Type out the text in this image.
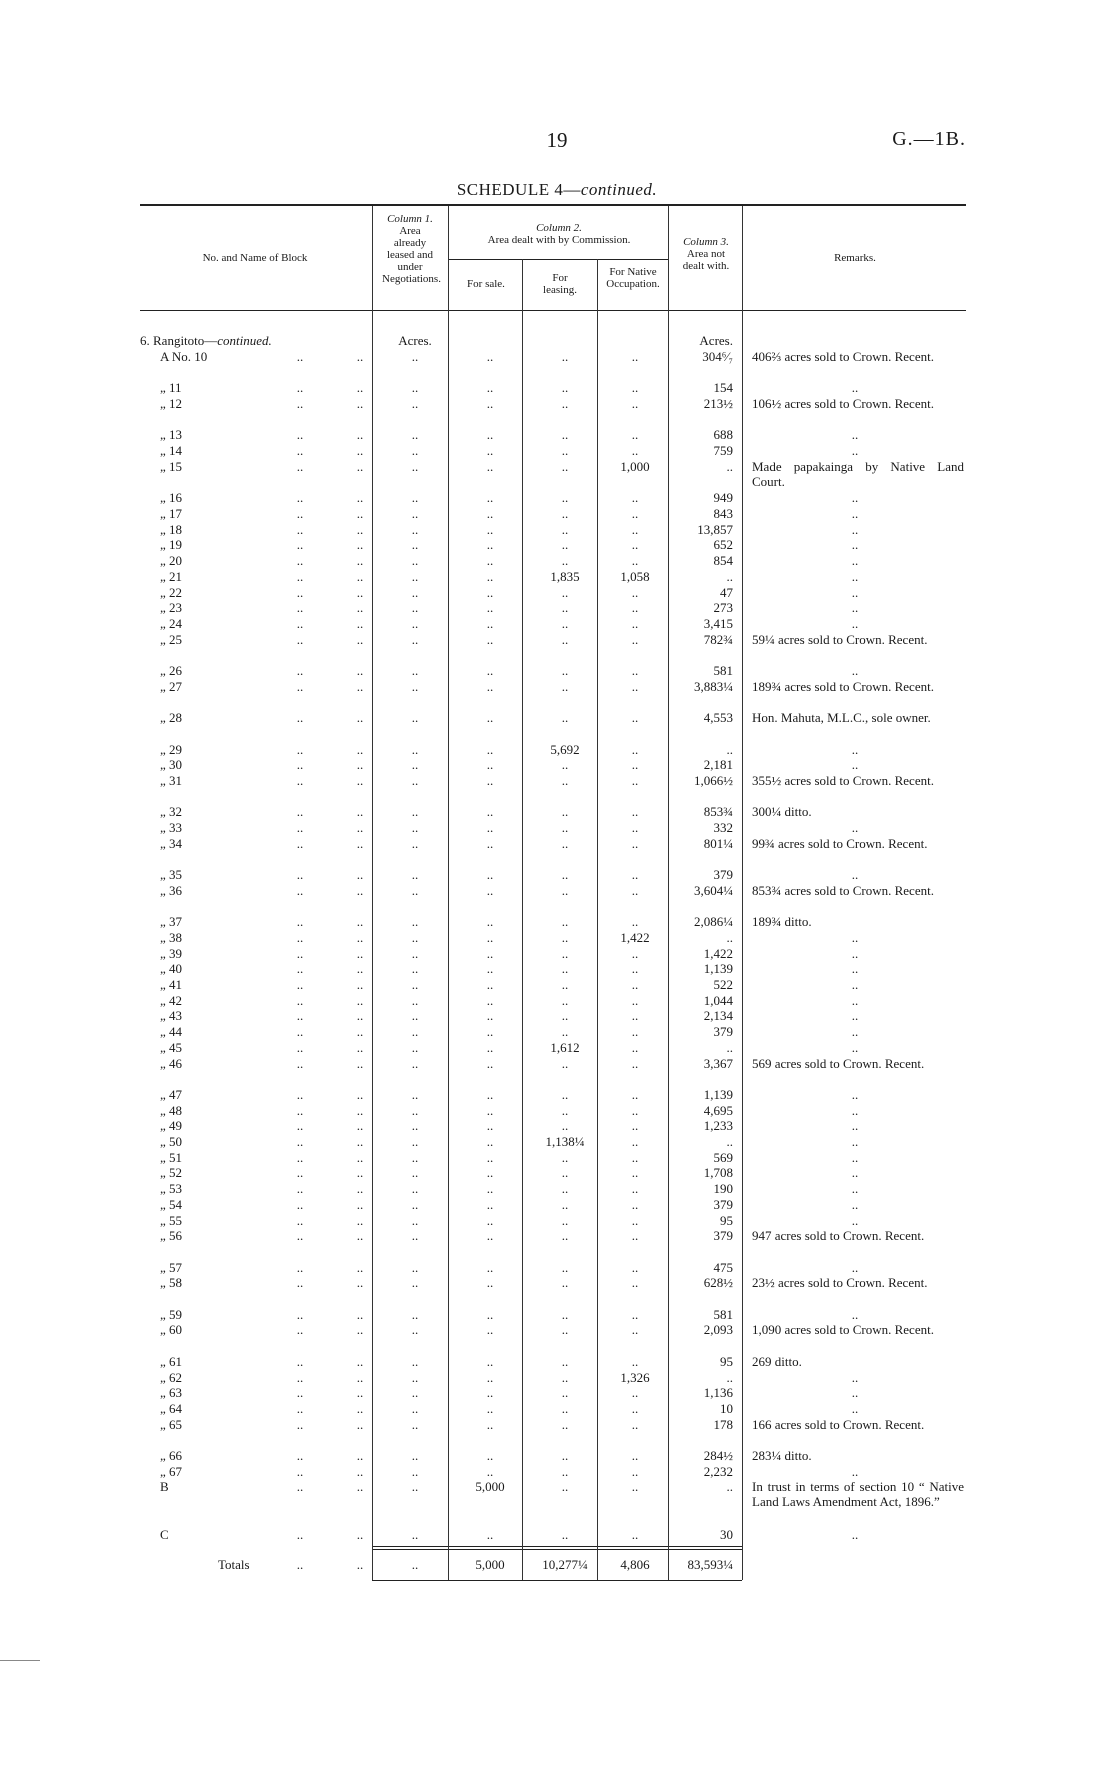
19	G.—1B.
SCHEDULE 4—continued.
No. and Name of Block
Column 1.
Area already leased and under Negotiations.
Column 2.
Area dealt with by Commission.
For sale.	For leasing.
For Native Occupation.
Column 3.
Area not dealt with.
Remarks.
6. Rangitoto—continued.	Acres.	Acres.
A No. 10	..	..	..	..	..	..	304⁶⁄₇ 406⅔ acres sold to Crown. Recent.
„ 11	..	..	..	..	..	..	154	..
„ 12	..	..	..	..	..	..	213½ 106½ acres sold to Crown. Recent.
„ 13	..	..	..	..	..	..	688	..
„ 14	..	..	..	..	..	..	759	..
„ 15	..	..	..	..	..	1,000	.. Made papakainga by Native Land Court.
„ 16	..	..	..	..	..	..	949	..
„ 17	..	..	..	..	..	..	843	..
„ 18	..	..	..	..	..	..	13,857	..
„ 19	..	..	..	..	..	..	652	..
„ 20	..	..	..	..	..	..	854	..
„ 21	..	..	..	..	1,835	1,058	..	..
„ 22	..	..	..	..	..	..	47	..
„ 23	..	..	..	..	..	..	273	..
„ 24	..	..	..	..	..	..	3,415	..
„ 25	..	..	..	..	..	..	782¾ 59¼ acres sold to Crown. Recent.
„ 26	..	..	..	..	..	..	581	..
„ 27	..	..	..	..	..	..	3,883¼ 189¾ acres sold to Crown. Recent.
„ 28	..	..	..	..	..	..	4,553 Hon. Mahuta, M.L.C., sole owner.
„ 29	..	..	..	..	5,692	..	..	..
„ 30	..	..	..	..	..	..	2,181	..
„ 31	..	..	..	..	..	..	1,066½ 355½ acres sold to Crown. Recent.
„ 32	..	..	..	..	..	..	853¾ 300¼ ditto.
„ 33	..	..	..	..	..	..	332	..
„ 34	..	..	..	..	..	..	801¼ 99¾ acres sold to Crown. Recent.
„ 35	..	..	..	..	..	..	379	..
„ 36	..	..	..	..	..	..	3,604¼ 853¾ acres sold to Crown. Recent.
„ 37	..	..	..	..	..	..	2,086¼ 189¾ ditto.
„ 38	..	..	..	..	..	1,422	..	..
„ 39	..	..	..	..	..	..	1,422	..
„ 40	..	..	..	..	..	..	1,139	..
„ 41	..	..	..	..	..	..	522	..
„ 42	..	..	..	..	..	..	1,044	..
„ 43	..	..	..	..	..	..	2,134	..
„ 44	..	..	..	..	..	..	379	..
„ 45	..	..	..	..	1,612	..	..	..
„ 46	..	..	..	..	..	..	3,367 569 acres sold to Crown. Recent.
„ 47	..	..	..	..	..	..	1,139	..
„ 48	..	..	..	..	..	..	4,695	..
„ 49	..	..	..	..	..	..	1,233	..
„ 50	..	..	..	..	1,138¼	..	..	..
„ 51	..	..	..	..	..	..	569	..
„ 52	..	..	..	..	..	..	1,708	..
„ 53	..	..	..	..	..	..	190	..
„ 54	..	..	..	..	..	..	379	..
„ 55	..	..	..	..	..	..	95	..
„ 56	..	..	..	..	..	..	379 947 acres sold to Crown. Recent.
„ 57	..	..	..	..	..	..	475	..
„ 58	..	..	..	..	..	..	628½ 23½ acres sold to Crown. Recent.
„ 59	..	..	..	..	..	..	581	..
„ 60	..	..	..	..	..	..	2,093 1,090 acres sold to Crown. Recent.
„ 61	..	..	..	..	..	..	95 269 ditto.
„ 62	..	..	..	..	..	1,326	..	..
„ 63	..	..	..	..	..	..	1,136	..
„ 64	..	..	..	..	..	..	10	..
„ 65	..	..	..	..	..	..	178 166 acres sold to Crown. Recent.
„ 66	..	..	..	..	..	..	284½ 283¼ ditto.
„ 67	..	..	..	..	..	..	2,232	..
B	..	..	..	5,000	..	..	.. In trust in terms of section 10 “ Native Land Laws Amendment Act, 1896.”
C	..	..	..	..	..	..	30	..
Totals	..	..	..	5,000	10,277¼	4,806	83,593¼
